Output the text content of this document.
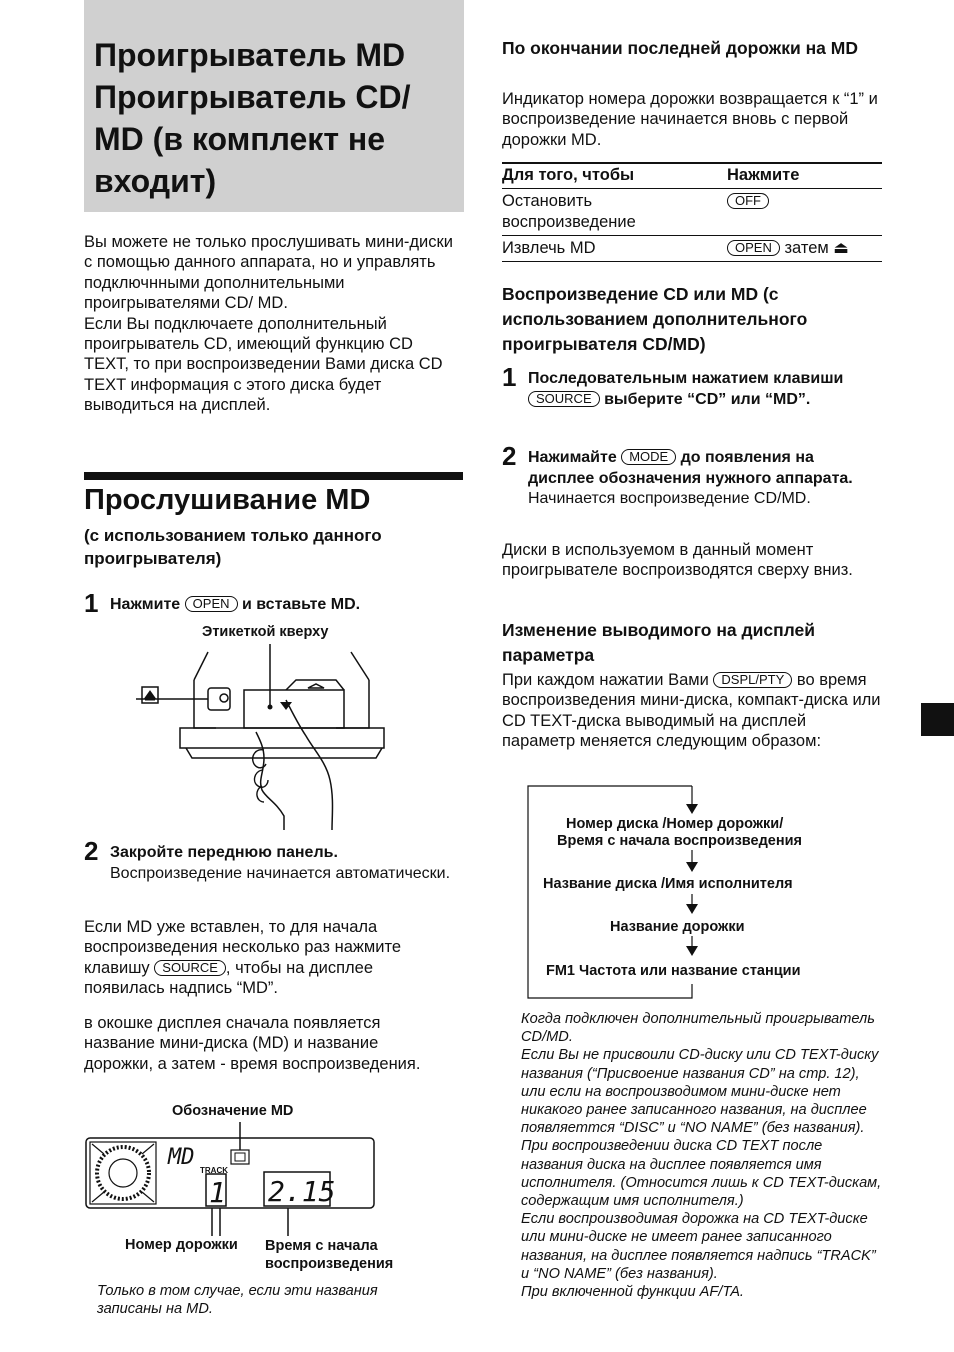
Проигрыватель MD Проигрыватель CD/ MD (в комплект не входит)

Вы можете не только прослушивать мини-диски с помощью данного аппарата, но и управлять подключнными дополнительными проигрывателями CD/ MD.

Если Вы подключаете дополнительный проигрыватель CD, имеющий функцию CD TEXT, то при воспроизведении Вами диска CD TEXT информация с этого диска будет выводиться на дисплей.

Прослушивание MD
(с использованием только данного проигрывателя)
1 Нажмите OPEN и вставьте MD.
Этикеткой кверху
2 Закройте переднюю панель.
Воспроизведение начинается автоматически.
Если MD уже вставлен, то для начала воспроизведения несколько раз нажмите клавишу SOURCE , чтобы на дисплее появилась надпись “MD”.
в окошке дисплея сначала появляется название мини-диска (MD) и название дорожки, а затем - время воспроизведения.
Обозначение MD
MD
TRACK
1 2.15
Номер дорожки Время с начала воспроизведения
Только в том случае, если эти названия записаны на MD.
По окончании последней дорожки на MD
Индикатор номера дорожки возвращается к “1” и воспроизведение начинается вновь с первой дорожки MD.
Для того, чтобы	Нажмите
Остановить воспроизведение	OFF
Извлечь MD	OPEN затем ⏏
Воспроизведение CD или MD (с использованием дополнительного проигрывателя CD/MD)
1 Последовательным нажатием клавиши SOURCE выберите “CD” или “MD”.
2 Нажимайте MODE до появления на дисплее обозначения нужного аппарата.
Начинается воспроизведение CD/MD.
Диски в используемом в данный момент проигрывателе воспроизводятся сверху вниз.
Изменение выводимого на дисплей параметра
При каждом нажатии Вами DSPL/PTY во время воспроизведения мини-диска, компакт-диска или CD TEXT-диска выводимый на дисплей параметр меняется следующим образом:
Номер диска /Номер дорожки/
Время с начала воспроизведения
Название диска /Имя исполнителя
Название дорожки
FM1 Частота или название станции
Когда подключен дополнительный проигрыватель CD/MD.
Если Вы не присвоили CD-диску или CD TEXT-диску названия (“Присвоение названия CD” на стр. 12), или если на воспроизводимом мини-диске нет никакого ранее записанного названия, на дисплее появляеттся “DISC” и “NO NAME” (без названия).
При воспроизведении диска CD TEXT после названия диска на дисплее появляется имя исполнителя. (Относится лишь к CD TEXT-дискам, содержащим имя исполнителя.)
Если воспроизводимая дорожка на CD TEXT-диске или мини-диске не имеет ранее записанного названия, на дисплее появляется надпись “TRACK” и “NO NAME” (без названия).
При включенной функции AF/TA.
